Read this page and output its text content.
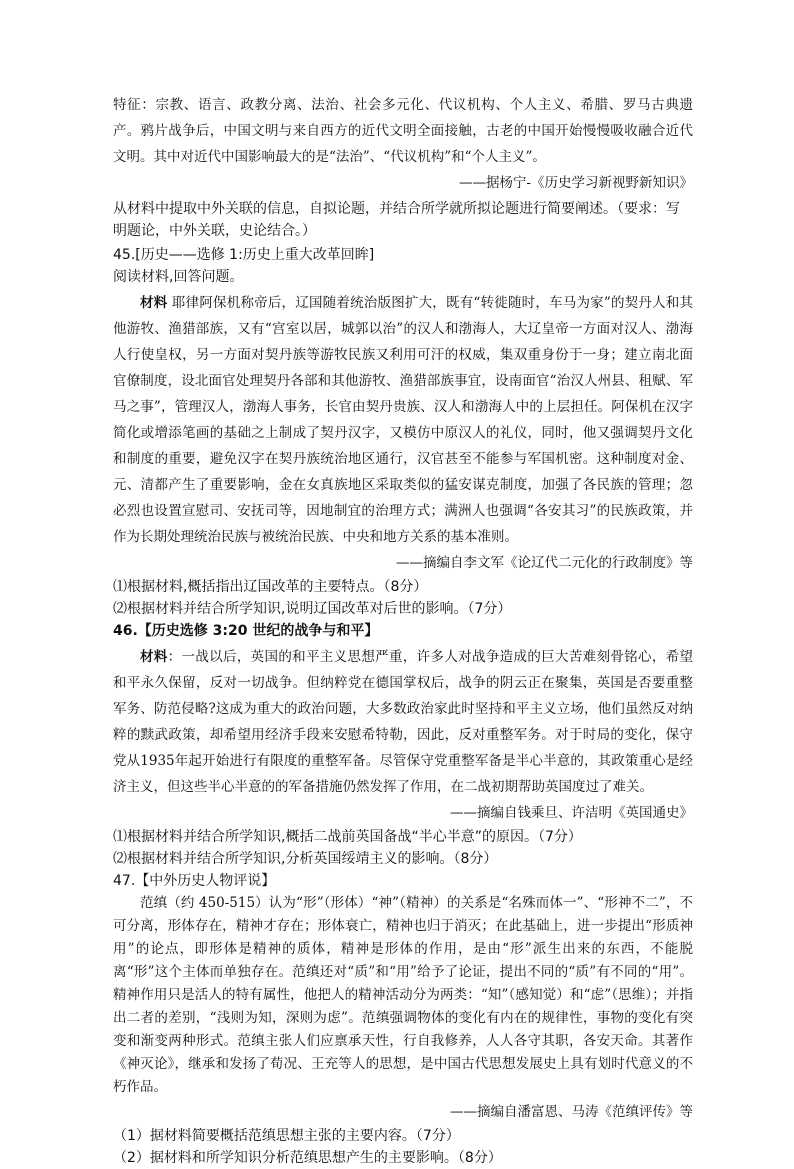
特征：宗教、语言、政教分离、法治、社会多元化、代议机构、个人主义、希腊、罗马古典遗产。鸦片战争后，中国文明与来自西方的近代文明全面接触，古老的中国开始慢慢吸收融合近代文明。其中对近代中国影响最大的是“法治”、“代议机构”和“个人主义”。

——据杨宁-《历史学习新视野新知识》

从材料中提取中外关联的信息，自拟论题，并结合所学就所拟论题进行简要阐述。（要求：写明题论，中外关联，史论结合。）

45.[历史——选修 1:历史上重大改革回眸]

阅读材料,回答问题。

材料 耶律阿保机称帝后，辽国随着统治版图扩大，既有“转徙随时，车马为家”的契丹人和其他游牧、渔猎部族，又有“宫室以居，城郭以治”的汉人和渤海人，大辽皇帝一方面对汉人、渤海人行使皇权，另一方面对契丹族等游牧民族又利用可汗的权威，集双重身份于一身；建立南北面官僚制度，设北面官处理契丹各部和其他游牧、渔猎部族事宜，设南面官“治汉人州县、租赋、军马之事”，管理汉人，渤海人事务，长官由契丹贵族、汉人和渤海人中的上层担任。阿保机在汉字简化或增添笔画的基础之上制成了契丹汉字，又模仿中原汉人的礼仪，同时，他又强调契丹文化和制度的重要，避免汉字在契丹族统治地区通行，汉官甚至不能参与军国机密。这种制度对金、元、清都产生了重要影响，金在女真族地区采取类似的猛安谋克制度，加强了各民族的管理；忽必烈也设置宣慰司、安抚司等，因地制宜的治理方式；满洲人也强调“各安其习”的民族政策，并作为长期处理统治民族与被统治民族、中央和地方关系的基本准则。

——摘编自李文军《论辽代二元化的行政制度》等

⑴根据材料,概括指出辽国改革的主要特点。（8分）

⑵根据材料并结合所学知识,说明辽国改革对后世的影响。（7分）

46.【历史选修 3:20 世纪的战争与和平】

材料：一战以后，英国的和平主义思想严重，许多人对战争造成的巨大苦难刻骨铭心，希望和平永久保留，反对一切战争。但纳粹党在德国掌权后，战争的阴云正在聚集，英国是否要重整军务、防范侵略?这成为重大的政治问题，大多数政治家此时坚持和平主义立场，他们虽然反对纳粹的黩武政策，却希望用经济手段来安慰希特勒，因此，反对重整军务。对于时局的变化，保守党从1935年起开始进行有限度的重整军备。尽管保守党重整军备是半心半意的，其政策重心是经济主义，但这些半心半意的的军备措施仍然发挥了作用，在二战初期帮助英国度过了难关。

——摘编自钱乘旦、许洁明《英国通史》

⑴根据材料并结合所学知识,概括二战前英国备战“半心半意”的原因。（7分）

⑵根据材料并结合所学知识,分析英国绥靖主义的影响。（8分）

47.【中外历史人物评说】

范缜（约 450-515）认为“形”（形体）“神”（精神）的关系是“名殊而体一”、“形神不二”，不可分离，形体存在，精神才存在；形体衰亡，精神也归于消灭；在此基础上，进一步提出“形质神用”的论点，即形体是精神的质体，精神是形体的作用，是由“形”派生出来的东西，不能脱离“形”这个主体而单独存在。范缜还对“质”和“用”给予了论证，提出不同的“质”有不同的“用”。精神作用只是活人的特有属性，他把人的精神活动分为两类：“知”（感知觉）和“虑”（思维）；并指出二者的差别，“浅则为知，深则为虑”。范缜强调物体的变化有内在的规律性，事物的变化有突变和渐变两种形式。范缜主张人们应禀承天性，行自我修养，人人各守其职，各安天命。其著作《神灭论》，继承和发扬了荀况、王充等人的思想，是中国古代思想发展史上具有划时代意义的不朽作品。

——摘编自潘富恩、马涛《范缜评传》等

（1）据材料简要概括范缜思想主张的主要内容。（7分）

（2）据材料和所学知识分析范缜思想产生的主要影响。（8分）
